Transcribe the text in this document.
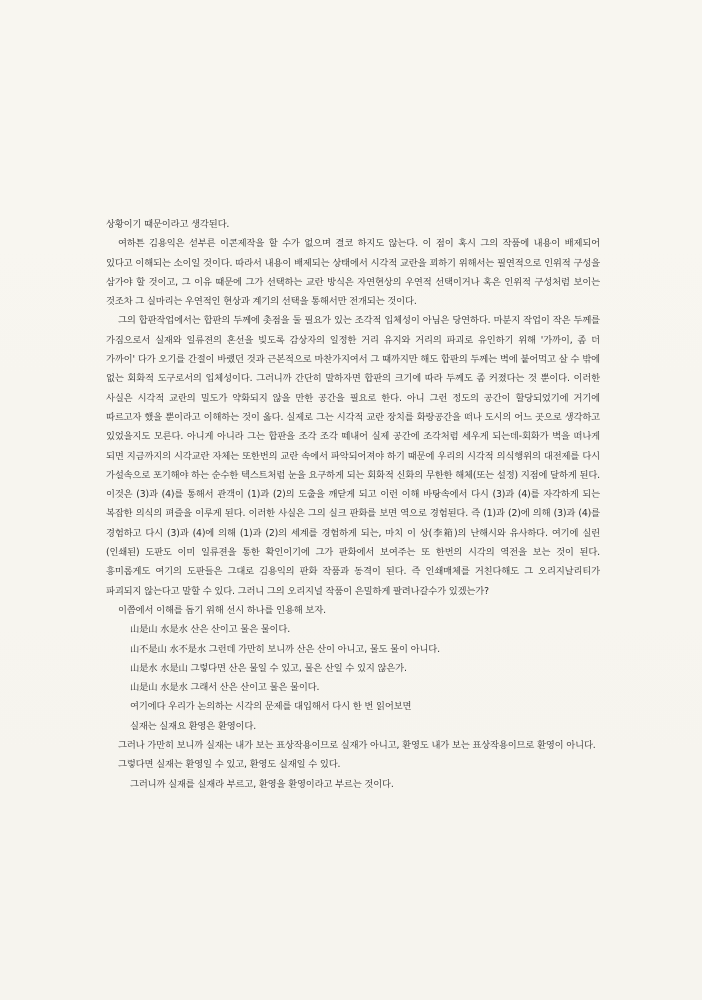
상황이기 때문이라고 생각된다.

여하튼 김용익은 섣부른 이콘제작을 할 수가 없으며 결코 하지도 않는다. 이 점이 혹시 그의 작품에 내용이 배제되어 있다고 이해되는 소이일 것이다. 따라서 내용이 배제되는 상태에서 시각적 교란을 꾀하기 위해서는 필연적으로 인위적 구성을 삼가야 할 것이고, 그 이유 때문에 그가 선택하는 교란 방식은 자연현상의 우연적 선택이거나 혹은 인위적 구성처럼 보이는 것조차 그 실마리는 우연적인 현상과 계기의 선택을 통해서만 전개되는 것이다.

그의 합판작업에서는 합판의 두께에 촛점을 둘 필요가 있는 조각적 입체성이 아님은 당연하다. 마분지 작업이 작은 두께를 가짐으로서 실재와 일류젼의 혼선을 빚도록 감상자의 일정한 거리 유지와 거리의 파괴로 유인하기 위해 '가까이, 좀 더 가까이' 다가 오기를 간절이 바랬던 것과 근본적으로 마찬가지여서 그 때까지만 해도 합판의 두께는 벽에 붙어먹고 살 수 밖에 없는 회화적 도구로서의 입체성이다. 그러니까 간단히 말하자면 합판의 크기에 따라 두께도 좀 커졌다는 것 뿐이다. 이러한 사실은 시각적 교란의 밀도가 약화되지 않을 만한 공간을 필요로 한다. 아니 그런 정도의 공간이 할당되었기에 거기에 따르고자 했을 뿐이라고 이해하는 것이 옳다. 실제로 그는 시각적 교란 장치를 화랑공간을 떠나 도시의 어느 곳으로 생각하고 있었을지도 모른다. 아니게 아니라 그는 합판을 조각 조각 떼내어 실제 공간에 조각처럼 세우게 되는데-회화가 벽을 떠나게 되면 지금까지의 시각교란 자체는 또한번의 교란 속에서 파악되어져야 하기 때문에 우리의 시각적 의식행위의 대전제를 다시 가설속으로 포기해야 하는 순수한 텍스트처럼 눈을 요구하게 되는 회화적 신화의 무한한 해체(또는 설정) 지점에 달하게 된다. 이것은 (3)과 (4)를 통해서 관객이 (1)과 (2)의 도출을 깨닫게 되고 이런 이해 바탕속에서 다시 (3)과 (4)를 자각하게 되는 복잡한 의식의 펴즐을 이루게 된다. 이러한 사실은 그의 실크 판화를 보면 역으로 경험된다. 즉 (1)과 (2)에 의해 (3)과 (4)를 경험하고 다시 (3)과 (4)에 의해 (1)과 (2)의 세계를 경험하게 되는, 마치 이 상(李箱)의 난해시와 유사하다. 여기에 실린(인쇄된) 도판도 이미 일류젼을 통한 확인이기에 그가 판화에서 보여주는 또 한번의 시각의 역전을 보는 것이 된다. 흥미롭게도 여기의 도판들은 그대로 김용익의 판화 작품과 동격이 된다. 즉 인쇄매체를 거친다해도 그 오리지날리티가 파괴되지 않는다고 말할 수 있다. 그러니 그의 오리지널 작품이 은밀하게 팔려나갈수가 있겠는가?

이쯤에서 이해를 돕기 위해 선시 하나를 인용해 보자.

山是山 水是水 산은 산이고 물은 물이다.

山不是山 水不是水 그런데 가만히 보니까 산은 산이 아니고, 물도 물이 아니다.

山是水 水是山 그렇다면 산은 물일 수 있고, 물은 산일 수 있지 않은가.

山是山 水是水 그래서 산은 산이고 물은 물이다.

여기에다 우리가 논의하는 시각의 문제를 대입해서 다시 한 번 읽어보면

실재는 실재요 환영은 환영이다.

그러나 가만히 보니까 실재는 내가 보는 표상작용이므로 실재가 아니고, 환영도 내가 보는 표상작용이므로 환영이 아니다.

그렇다면 실재는 환영일 수 있고, 환영도 실재일 수 있다.

그러니까 실재를 실재라 부르고, 환영을 환영이라고 부르는 것이다.
